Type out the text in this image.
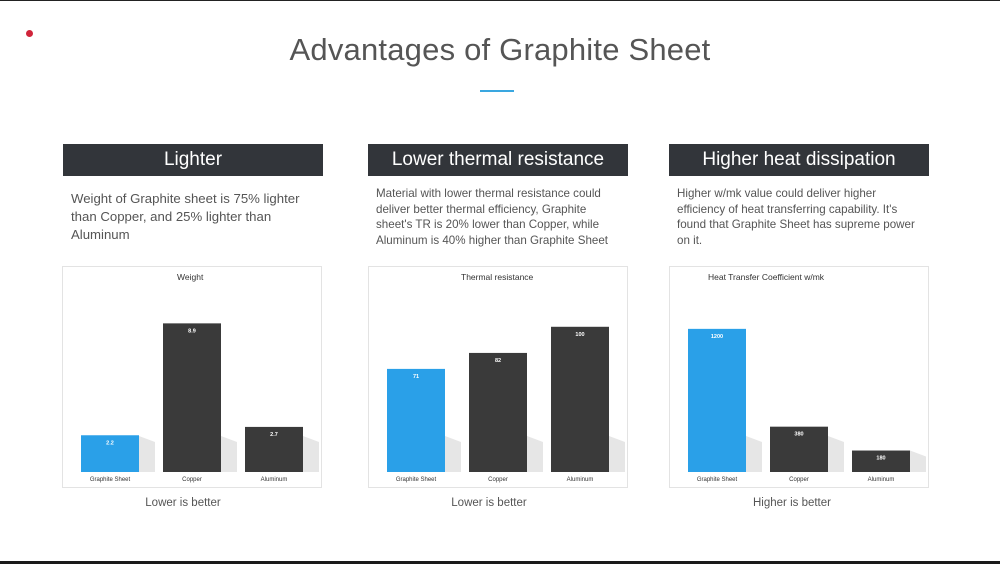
Advantages of Graphite Sheet
Lighter
Weight of Graphite sheet is 75% lighter than Copper, and 25% lighter than Aluminum
2.2
Graphite Sheet
8.9
Copper
2.7
Aluminum
Weight
Lower is better
Lower thermal resistance
Material with lower thermal resistance could deliver better thermal efficiency, Graphite sheet's TR is 20% lower than Copper, while Aluminum is 40% higher than Graphite Sheet
71
Graphite Sheet
82
Copper
100
Aluminum
Thermal resistance
Lower is better
Higher heat dissipation
Higher w/mk value could deliver higher efficiency of heat transferring capability. It's found that Graphite Sheet has supreme power on it.
1200
Graphite Sheet
380
Copper
180
Aluminum
Heat Transfer Coefficient w/mk
Higher is better
